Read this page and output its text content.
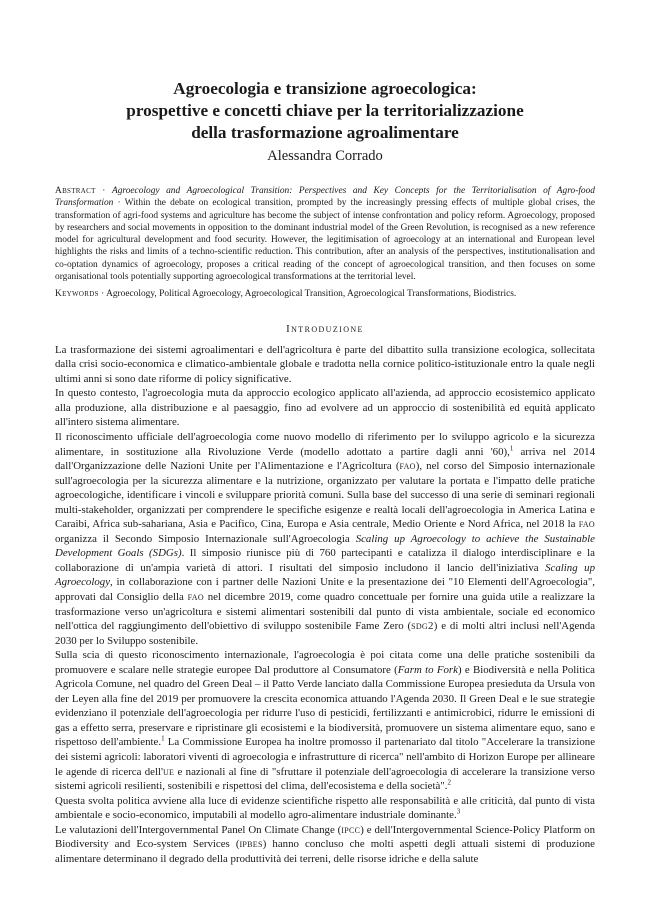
Agroecologia e transizione agroecologica:
prospettive e concetti chiave per la territorializzazione
della trasformazione agroalimentare
Alessandra Corrado

Abstract · Agroecology and Agroecological Transition: Perspectives and Key Concepts for the Territorialisation of Agro-food Transformation · Within the debate on ecological transition, prompted by the increasingly pressing effects of multiple global crises, the transformation of agri-food systems and agriculture has become the subject of intense confrontation and policy reform. Agroecology, proposed by researchers and social movements in opposition to the dominant industrial model of the Green Revolution, is recognised as a new reference model for agricultural development and food security. However, the legitimisation of agroecology at an international and European level highlights the risks and limits of a techno-scientific reduction. This contribution, after an analysis of the perspectives, institutionalisation and co-optation dynamics of agroecology, proposes a critical reading of the concept of agroecological transition, and then focuses on some organisational tools potentially supporting agroecological transformations at the territorial level.

Keywords · Agroecology, Political Agroecology, Agroecological Transition, Agroecological Transformations, Biodistrics.

Introduzione

La trasformazione dei sistemi agroalimentari e dell'agricoltura è parte del dibattito sulla transizione ecologica, sollecitata dalla crisi socio-economica e climatico-ambientale globale e tradotta nella cornice politico-istituzionale entro la quale negli ultimi anni si sono date riforme di policy significative.

In questo contesto, l'agroecologia muta da approccio ecologico applicato all'azienda, ad approccio ecosistemico applicato alla produzione, alla distribuzione e al paesaggio, fino ad evolvere ad un approccio di sostenibilità ed equità applicato all'intero sistema alimentare.

Il riconoscimento ufficiale dell'agroecologia come nuovo modello di riferimento per lo sviluppo agricolo e la sicurezza alimentare, in sostituzione alla Rivoluzione Verde (modello adottato a partire dagli anni '60),$^1$ arriva nel 2014 dall'Organizzazione delle Nazioni Unite per l'Alimentazione e l'Agricoltura (fao), nel corso del Simposio internazionale sull'agroecologia per la sicurezza alimentare e la nutrizione, organizzato per valutare la portata e l'impatto delle pratiche agroecologiche, identificare i vincoli e sviluppare priorità comuni. Sulla base del successo di una serie di seminari regionali multi-stakeholder, organizzati per comprendere le specifiche esigenze e realtà locali dell'agroecologia in America Latina e Caraibi, Africa sub-sahariana, Asia e Pacifico, Cina, Europa e Asia centrale, Medio Oriente e Nord Africa, nel 2018 la fao organizza il Secondo Simposio Internazionale sull'Agroecologia Scaling up Agroecology to achieve the Sustainable Development Goals (SDGs). Il simposio riunisce più di 760 partecipanti e catalizza il dialogo interdisciplinare e la collaborazione di un'ampia varietà di attori. I risultati del simposio includono il lancio dell'iniziativa Scaling up Agroecology, in collaborazione con i partner delle Nazioni Unite e la presentazione dei "10 Elementi dell'Agroecologia", approvati dal Consiglio della fao nel dicembre 2019, come quadro concettuale per fornire una guida utile a realizzare la trasformazione verso un'agricoltura e sistemi alimentari sostenibili dal punto di vista ambientale, sociale ed economico nell'ottica del raggiungimento dell'obiettivo di sviluppo sostenibile Fame Zero (sdg2) e di molti altri inclusi nell'Agenda 2030 per lo Sviluppo sostenibile.

Sulla scia di questo riconoscimento internazionale, l'agroecologia è poi citata come una delle pratiche sostenibili da promuovere e scalare nelle strategie europee Dal produttore al Consumatore (Farm to Fork) e Biodiversità e nella Politica Agricola Comune, nel quadro del Green Deal – il Patto Verde lanciato dalla Commissione Europea presieduta da Ursula von der Leyen alla fine del 2019 per promuovere la crescita economica attuando l'Agenda 2030. Il Green Deal e le sue strategie evidenziano il potenziale dell'agroecologia per ridurre l'uso di pesticidi, fertilizzanti e antimicrobici, ridurre le emissioni di gas a effetto serra, preservare e ripristinare gli ecosistemi e la biodiversità, promuovere un sistema alimentare equo, sano e rispettoso dell'ambiente.$^1$ La Commissione Europea ha inoltre promosso il partenariato dal titolo "Accelerare la transizione dei sistemi agricoli: laboratori viventi di agroecologia e infrastrutture di ricerca" nell'ambito di Horizon Europe per allineare le agende di ricerca dell'ue e nazionali al fine di "sfruttare il potenziale dell'agroecologia di accelerare la transizione verso sistemi agricoli resilienti, sostenibili e rispettosi del clima, dell'ecosistema e della società".$^2$

Questa svolta politica avviene alla luce di evidenze scientifiche rispetto alle responsabilità e alle criticità, dal punto di vista ambientale e socio-economico, imputabili al modello agro-alimentare industriale dominante.$^3$

Le valutazioni dell'Intergovernmental Panel On Climate Change (ipcc) e dell'Intergovernmental Science-Policy Platform on Biodiversity and Eco-system Services (ipbes) hanno concluso che molti aspetti degli attuali sistemi di produzione alimentare determinano il degrado della produttività dei terreni, delle risorse idriche e della salute
